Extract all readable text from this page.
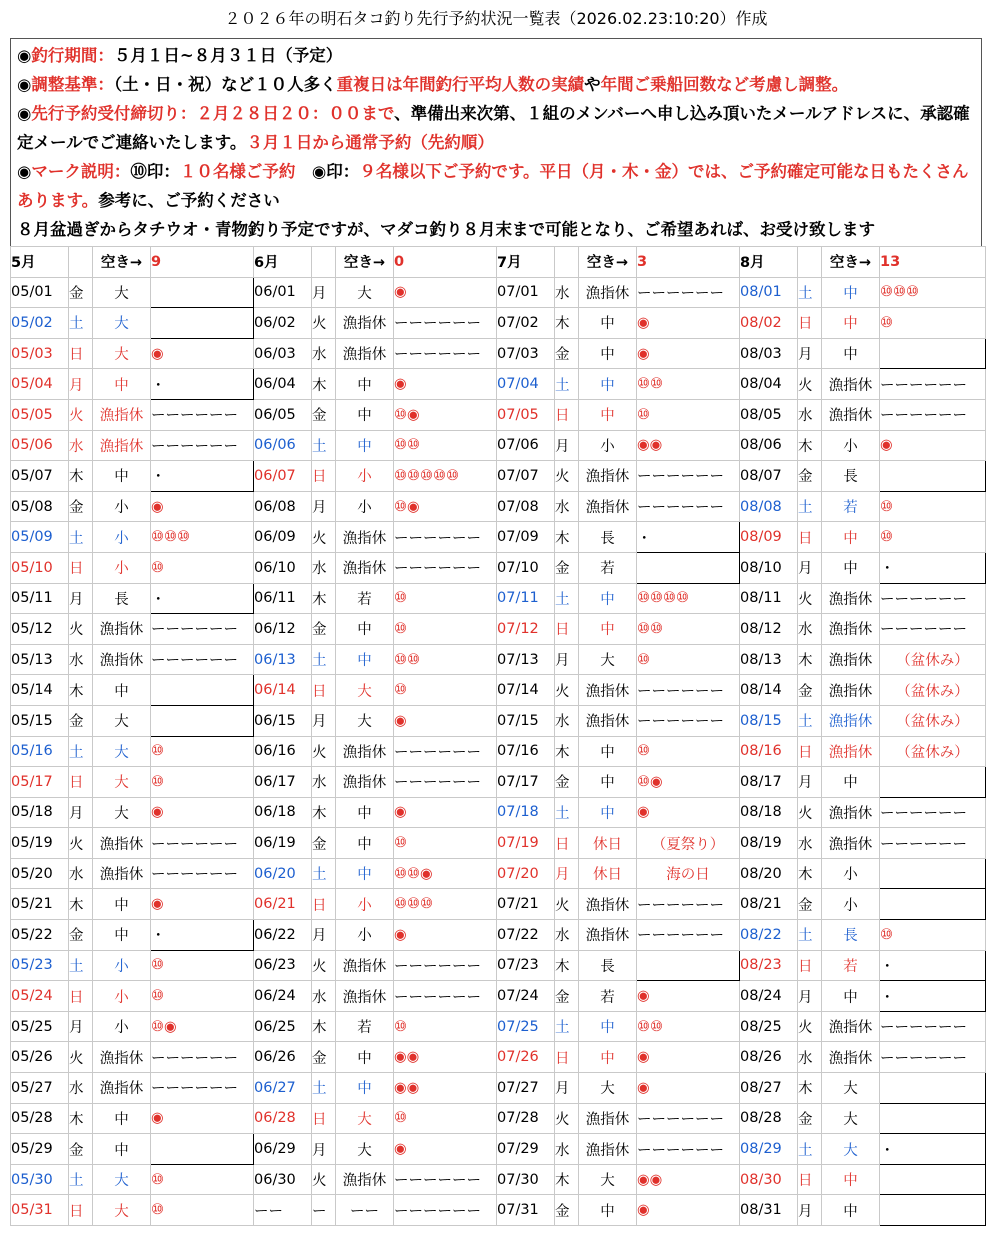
２０２６年の明石タコ釣り先行予約状況一覧表（2026.02.23:10:20）作成

◉釣行期間：５月１日~８月３１日（予定）

◉調整基準：（土・日・祝）など１０人多く重複日は年間釣行平均人数の実績や年間ご乗船回数など考慮し調整。

◉先行予約受付締切り：２月２８日２０：００まで、準備出来次第、１組のメンバーへ申し込み頂いたメールアドレスに、承認確定メールでご連絡いたします。３月１日から通常予約（先約順）

◉マーク説明：⑩印：１０名様ご予約　◉印：９名様以下ご予約です。平日（月・木・金）では、ご予約確定可能な日もたくさんあります。参考に、ご予約ください

８月盆過ぎからタチウオ・青物釣り予定ですが、マダコ釣り８月末まで可能となり、ご希望あれば、お受け致します

5月		空き→	9	6月		空き→	0	7月		空き→	3	8月		空き→	13
05/01	金	大		06/01	月	大	◉	07/01	水	漁指休	ーーーーーー	08/01	土	中	⑩⑩⑩
05/02	土	大		06/02	火	漁指休	ーーーーーー	07/02	木	中	◉	08/02	日	中	⑩
05/03	日	大	◉	06/03	水	漁指休	ーーーーーー	07/03	金	中	◉	08/03	月	中	
05/04	月	中	・	06/04	木	中	◉	07/04	土	中	⑩⑩	08/04	火	漁指休	ーーーーーー
05/05	火	漁指休	ーーーーーー	06/05	金	中	⑩◉	07/05	日	中	⑩	08/05	水	漁指休	ーーーーーー
05/06	水	漁指休	ーーーーーー	06/06	土	中	⑩⑩	07/06	月	小	◉◉	08/06	木	小	◉
05/07	木	中	・	06/07	日	小	⑩⑩⑩⑩⑩	07/07	火	漁指休	ーーーーーー	08/07	金	長	
05/08	金	小	◉	06/08	月	小	⑩◉	07/08	水	漁指休	ーーーーーー	08/08	土	若	⑩
05/09	土	小	⑩⑩⑩	06/09	火	漁指休	ーーーーーー	07/09	木	長	・	08/09	日	中	⑩
05/10	日	小	⑩	06/10	水	漁指休	ーーーーーー	07/10	金	若		08/10	月	中	・
05/11	月	長	・	06/11	木	若	⑩	07/11	土	中	⑩⑩⑩⑩	08/11	火	漁指休	ーーーーーー
05/12	火	漁指休	ーーーーーー	06/12	金	中	⑩	07/12	日	中	⑩⑩	08/12	水	漁指休	ーーーーーー
05/13	水	漁指休	ーーーーーー	06/13	土	中	⑩⑩	07/13	月	大	⑩	08/13	木	漁指休	（盆休み）
05/14	木	中		06/14	日	大	⑩	07/14	火	漁指休	ーーーーーー	08/14	金	漁指休	（盆休み）
05/15	金	大		06/15	月	大	◉	07/15	水	漁指休	ーーーーーー	08/15	土	漁指休	（盆休み）
05/16	土	大	⑩	06/16	火	漁指休	ーーーーーー	07/16	木	中	⑩	08/16	日	漁指休	（盆休み）
05/17	日	大	⑩	06/17	水	漁指休	ーーーーーー	07/17	金	中	⑩◉	08/17	月	中	
05/18	月	大	◉	06/18	木	中	◉	07/18	土	中	◉	08/18	火	漁指休	ーーーーーー
05/19	火	漁指休	ーーーーーー	06/19	金	中	⑩	07/19	日	休日	（夏祭り）	08/19	水	漁指休	ーーーーーー
05/20	水	漁指休	ーーーーーー	06/20	土	中	⑩⑩◉	07/20	月	休日	海の日	08/20	木	小	
05/21	木	中	◉	06/21	日	小	⑩⑩⑩	07/21	火	漁指休	ーーーーーー	08/21	金	小	
05/22	金	中	・	06/22	月	小	◉	07/22	水	漁指休	ーーーーーー	08/22	土	長	⑩
05/23	土	小	⑩	06/23	火	漁指休	ーーーーーー	07/23	木	長		08/23	日	若	・
05/24	日	小	⑩	06/24	水	漁指休	ーーーーーー	07/24	金	若	◉	08/24	月	中	・
05/25	月	小	⑩◉	06/25	木	若	⑩	07/25	土	中	⑩⑩	08/25	火	漁指休	ーーーーーー
05/26	火	漁指休	ーーーーーー	06/26	金	中	◉◉	07/26	日	中	◉	08/26	水	漁指休	ーーーーーー
05/27	水	漁指休	ーーーーーー	06/27	土	中	◉◉	07/27	月	大	◉	08/27	木	大	
05/28	木	中	◉	06/28	日	大	⑩	07/28	火	漁指休	ーーーーーー	08/28	金	大	
05/29	金	中		06/29	月	大	◉	07/29	水	漁指休	ーーーーーー	08/29	土	大	・
05/30	土	大	⑩	06/30	火	漁指休	ーーーーーー	07/30	木	大	◉◉	08/30	日	中	
05/31	日	大	⑩	ーー	ー	ーー	ーーーーーー	07/31	金	中	◉	08/31	月	中	
